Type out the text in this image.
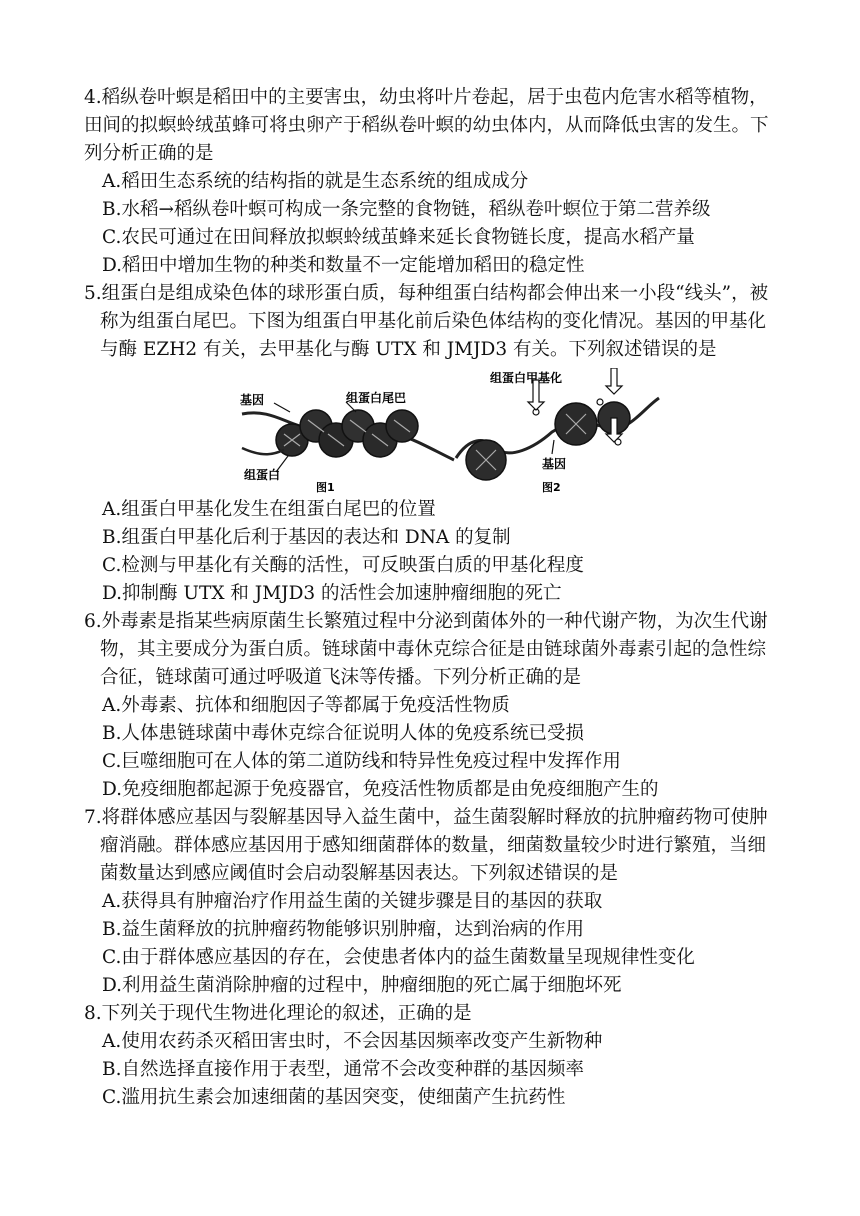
4.稻纵卷叶螟是稻田中的主要害虫，幼虫将叶片卷起，居于虫苞内危害水稻等植物，田间的拟螟蛉绒茧蜂可将虫卵产于稻纵卷叶螟的幼虫体内，从而降低虫害的发生。下列分析正确的是

A.稻田生态系统的结构指的就是生态系统的组成成分

B.水稻→稻纵卷叶螟可构成一条完整的食物链，稻纵卷叶螟位于第二营养级

C.农民可通过在田间释放拟螟蛉绒茧蜂来延长食物链长度，提高水稻产量

D.稻田中增加生物的种类和数量不一定能增加稻田的稳定性

5.组蛋白是组成染色体的球形蛋白质，每种组蛋白结构都会伸出来一小段“线头”，被称为组蛋白尾巴。下图为组蛋白甲基化前后染色体结构的变化情况。基因的甲基化与酶 EZH2 有关，去甲基化与酶 UTX 和 JMJD3 有关。下列叙述错误的是

基因	组蛋白尾巴
组蛋白
图1
组蛋白甲基化
基因
图2

A.组蛋白甲基化发生在组蛋白尾巴的位置

B.组蛋白甲基化后利于基因的表达和 DNA 的复制

C.检测与甲基化有关酶的活性，可反映蛋白质的甲基化程度

D.抑制酶 UTX 和 JMJD3 的活性会加速肿瘤细胞的死亡

6.外毒素是指某些病原菌生长繁殖过程中分泌到菌体外的一种代谢产物，为次生代谢物，其主要成分为蛋白质。链球菌中毒休克综合征是由链球菌外毒素引起的急性综合征，链球菌可通过呼吸道飞沫等传播。下列分析正确的是

A.外毒素、抗体和细胞因子等都属于免疫活性物质

B.人体患链球菌中毒休克综合征说明人体的免疫系统已受损

C.巨噬细胞可在人体的第二道防线和特异性免疫过程中发挥作用

D.免疫细胞都起源于免疫器官，免疫活性物质都是由免疫细胞产生的

7.将群体感应基因与裂解基因导入益生菌中，益生菌裂解时释放的抗肿瘤药物可使肿瘤消融。群体感应基因用于感知细菌群体的数量，细菌数量较少时进行繁殖，当细菌数量达到感应阈值时会启动裂解基因表达。下列叙述错误的是

A.获得具有肿瘤治疗作用益生菌的关键步骤是目的基因的获取

B.益生菌释放的抗肿瘤药物能够识别肿瘤，达到治病的作用

C.由于群体感应基因的存在，会使患者体内的益生菌数量呈现规律性变化

D.利用益生菌消除肿瘤的过程中，肿瘤细胞的死亡属于细胞坏死

8.下列关于现代生物进化理论的叙述，正确的是

A.使用农药杀灭稻田害虫时，不会因基因频率改变产生新物种

B.自然选择直接作用于表型，通常不会改变种群的基因频率

C.滥用抗生素会加速细菌的基因突变，使细菌产生抗药性
